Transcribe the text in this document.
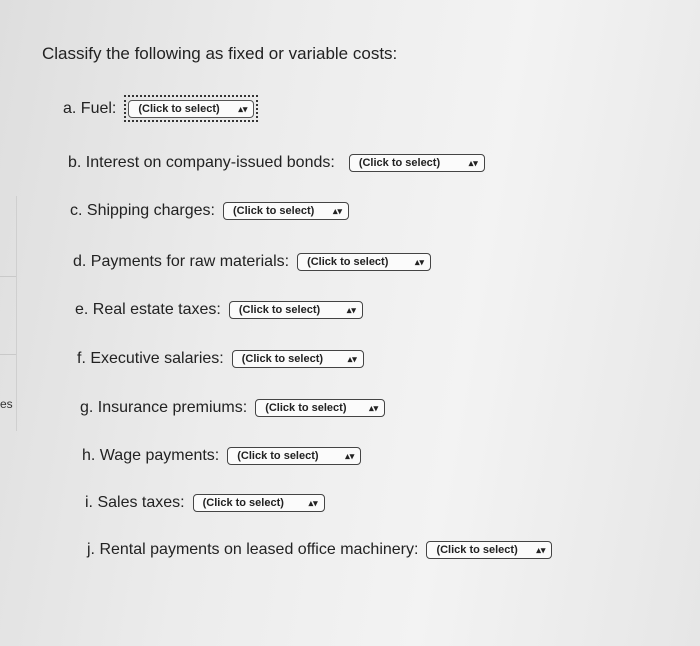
es
Classify the following as fixed or variable costs:
a. Fuel: (Click to select) ▴▾
b. Interest on company-issued bonds: (Click to select)	▴▾
c. Shipping charges: (Click to select) ▴▾
d. Payments for raw materials: (Click to select)	▴▾
e. Real estate taxes: (Click to select)	▴▾
f. Executive salaries: (Click to select)	▴▾
g. Insurance premiums: (Click to select)	▴▾
h. Wage payments: (Click to select)	▴▾
i. Sales taxes: (Click to select)	▴▾
j. Rental payments on leased office machinery: (Click to select) ▴▾
